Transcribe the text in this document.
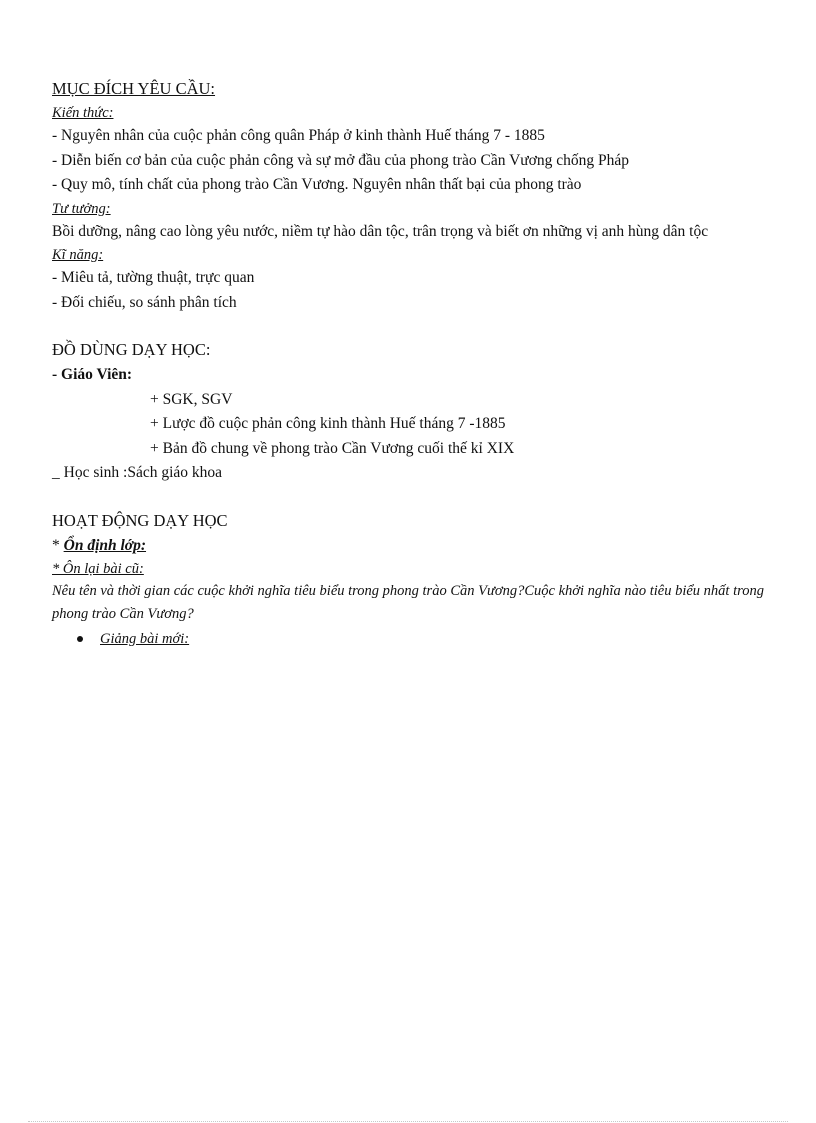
MỤC ĐÍCH YÊU CẦU:
Kiến thức:
- Nguyên nhân của cuộc phản công quân Pháp ở kinh thành Huế tháng 7 - 1885
- Diễn biến cơ bản của cuộc phản công và sự mở đầu của phong trào Cần Vương chống Pháp
- Quy mô, tính chất của phong trào Cần Vương. Nguyên nhân thất bại của phong trào
Tư tưởng:
Bồi dưỡng, nâng cao lòng yêu nước, niềm tự hào dân tộc, trân trọng và biết ơn những vị anh hùng dân tộc
Kĩ năng:
- Miêu tả, tường thuật, trực quan
- Đối chiếu, so sánh phân tích
ĐỒ DÙNG DẠY HỌC:
- Giáo Viên:
+ SGK, SGV
+ Lược đồ cuộc phản công kinh thành Huế tháng 7 -1885
+ Bản đồ chung về phong trào Cần Vương cuối thế kỉ XIX
_ Học sinh :Sách giáo khoa
HOẠT ĐỘNG DẠY HỌC
* Ổn định lớp:
* Ôn lại bài cũ:
Nêu tên và thời gian các cuộc khởi nghĩa tiêu biểu trong phong trào Cần Vương?Cuộc khởi nghĩa nào tiêu biểu nhất trong phong trào Cần Vương?
Giảng bài mới:
